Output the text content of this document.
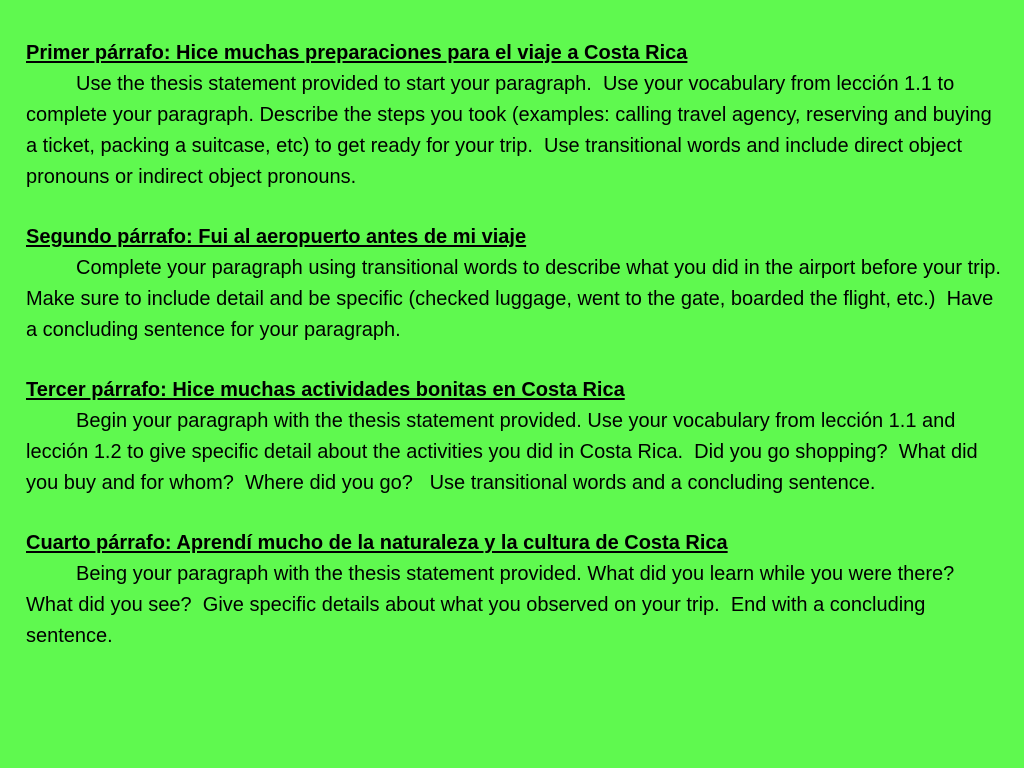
Primer párrafo: Hice muchas preparaciones para el viaje a Costa Rica

Use the thesis statement provided to start your paragraph.  Use your vocabulary from lección 1.1 to complete your paragraph. Describe the steps you took (examples: calling travel agency, reserving and buying a ticket, packing a suitcase, etc) to get ready for your trip.  Use transitional words and include direct object pronouns or indirect object pronouns.

Segundo párrafo: Fui al aeropuerto antes de mi viaje

Complete your paragraph using transitional words to describe what you did in the airport before your trip.  Make sure to include detail and be specific (checked luggage, went to the gate, boarded the flight, etc.)  Have a concluding sentence for your paragraph.

Tercer párrafo: Hice muchas actividades bonitas en Costa Rica

Begin your paragraph with the thesis statement provided. Use your vocabulary from lección 1.1 and lección 1.2 to give specific detail about the activities you did in Costa Rica.  Did you go shopping?  What did you buy and for whom?  Where did you go?   Use transitional words and a concluding sentence.

Cuarto párrafo: Aprendí mucho de la naturaleza y la cultura de Costa Rica

Being your paragraph with the thesis statement provided. What did you learn while you were there? What did you see?  Give specific details about what you observed on your trip.  End with a concluding sentence.
